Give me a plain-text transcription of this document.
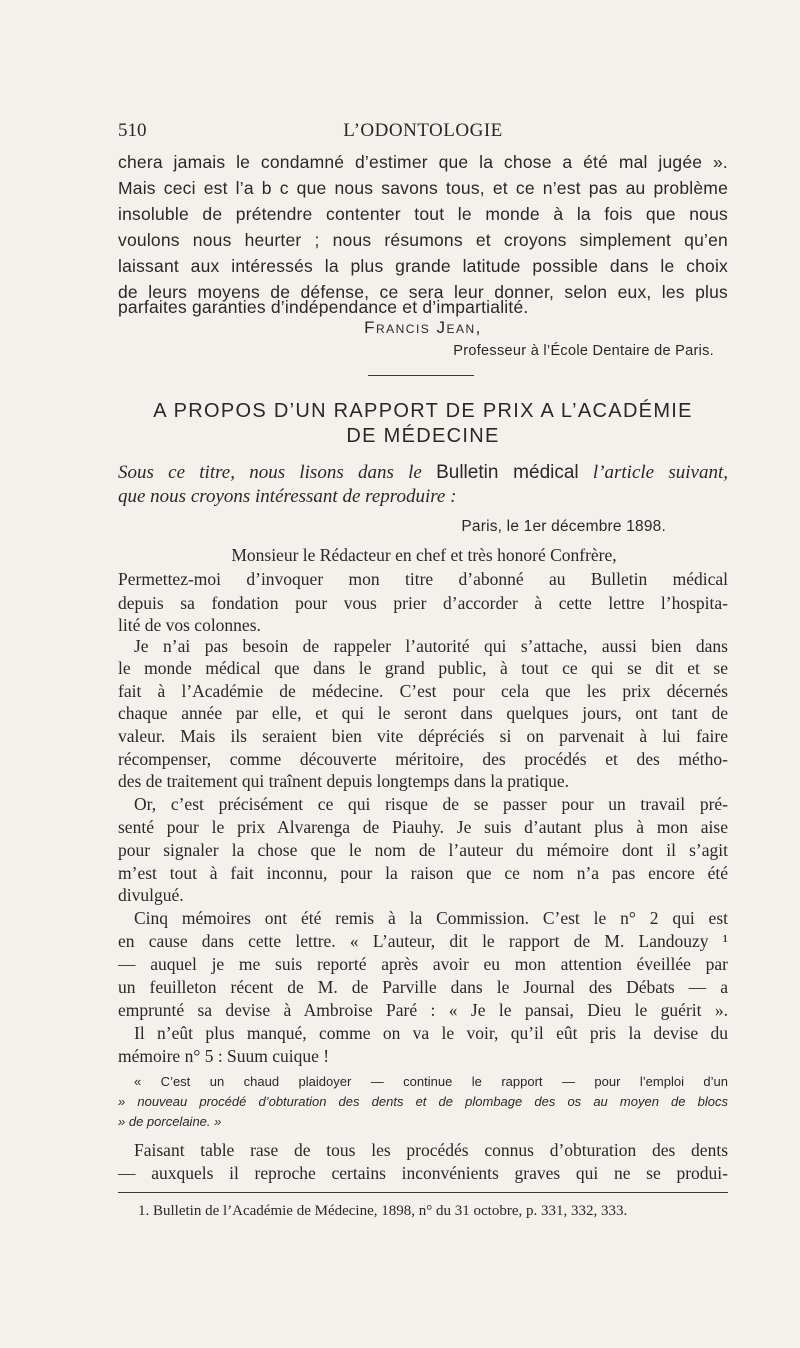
510	L’ODONTOLOGIE
chera jamais le condamné d’estimer que la chose a été mal jugée ».
Mais ceci est l’a b c que nous savons tous, et ce n’est pas au problème
insoluble de prétendre contenter tout le monde à la fois que nous
voulons nous heurter ; nous résumons et croyons simplement qu’en
laissant aux intéressés la plus grande latitude possible dans le choix
de leurs moyens de défense, ce sera leur donner, selon eux, les plus
parfaites garanties d’indépendance et d’impartialité.
Francis Jean,
Professeur à l’École Dentaire de Paris.
A PROPOS D’UN RAPPORT DE PRIX A L’ACADÉMIE
DE MÉDECINE
Sous ce titre, nous lisons dans le Bulletin médical l’article suivant,
que nous croyons intéressant de reproduire :
Paris, le 1er décembre 1898.
Monsieur le Rédacteur en chef et très honoré Confrère,
Permettez-moi d’invoquer mon titre d’abonné au Bulletin médical
depuis sa fondation pour vous prier d’accorder à cette lettre l’hospita-
lité de vos colonnes.
Je n’ai pas besoin de rappeler l’autorité qui s’attache, aussi bien dans
le monde médical que dans le grand public, à tout ce qui se dit et se
fait à l’Académie de médecine. C’est pour cela que les prix décernés
chaque année par elle, et qui le seront dans quelques jours, ont tant de
valeur. Mais ils seraient bien vite dépréciés si on parvenait à lui faire
récompenser, comme découverte méritoire, des procédés et des métho-
des de traitement qui traînent depuis longtemps dans la pratique.
Or, c’est précisément ce qui risque de se passer pour un travail pré-
senté pour le prix Alvarenga de Piauhy. Je suis d’autant plus à mon aise
pour signaler la chose que le nom de l’auteur du mémoire dont il s’agit
m’est tout à fait inconnu, pour la raison que ce nom n’a pas encore été
divulgué.
Cinq mémoires ont été remis à la Commission. C’est le n° 2 qui est
en cause dans cette lettre. « L’auteur, dit le rapport de M. Landouzy ¹
— auquel je me suis reporté après avoir eu mon attention éveillée par
un feuilleton récent de M. de Parville dans le Journal des Débats — a
emprunté sa devise à Ambroise Paré : « Je le pansai, Dieu le guérit ».
Il n’eût plus manqué, comme on va le voir, qu’il eût pris la devise du
mémoire n° 5 : Suum cuique !
« C’est un chaud plaidoyer — continue le rapport — pour l’emploi d’un
» nouveau procédé d’obturation des dents et de plombage des os au moyen de blocs
» de porcelaine. »
Faisant table rase de tous les procédés connus d’obturation des dents
— auxquels il reproche certains inconvénients graves qui ne se produi-
1. Bulletin de l’Académie de Médecine, 1898, n° du 31 octobre, p. 331, 332, 333.
